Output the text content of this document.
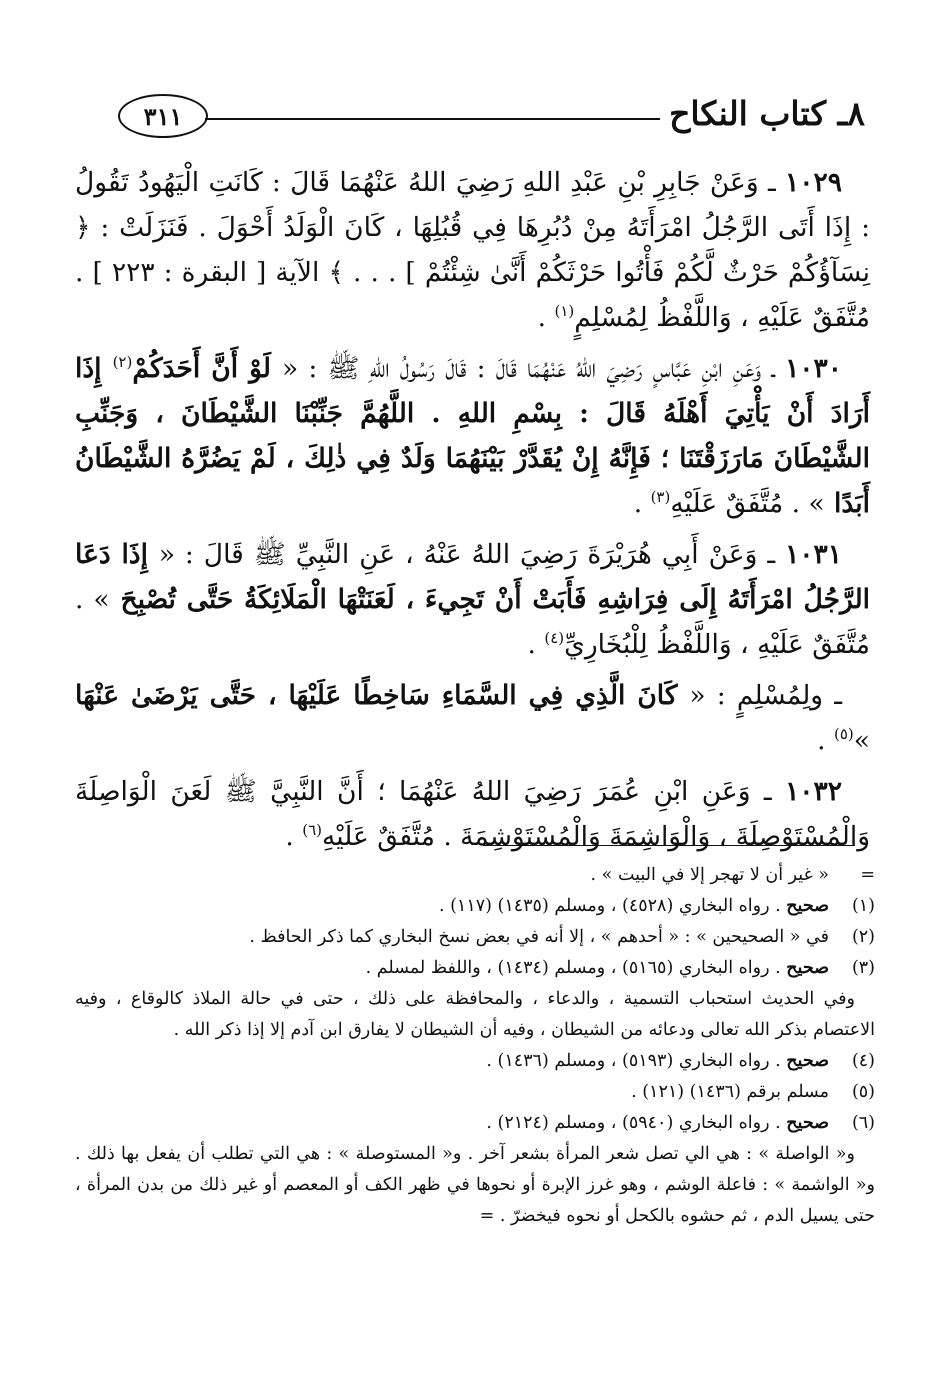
٨ـ كتاب النكاح
٣١١

١٠٢٩ ـ وَعَنْ جَابِرِ بْنِ عَبْدِ اللهِ رَضِيَ اللهُ عَنْهُمَا قَالَ : كَانَتِ الْيَهُودُ تَقُولُ : إِذَا أَتَى الرَّجُلُ امْرَأَتَهُ مِنْ دُبُرِهَا فِي قُبُلِهَا ، كَانَ الْوَلَدُ أَحْوَلَ . فَنَزَلَتْ : ﴿ نِسَآؤُكُمْ حَرْثٌ لَّكُمْ فَأْتُوا حَرْثَكُمْ أَنَّىٰ شِئْتُمْ ] . . . ﴾ الآية [ البقرة : ٢٢٣ ] . مُتَّفَقٌ عَلَيْهِ ، وَاللَّفْظُ لِمُسْلِمٍ$^{(١)}$ .

١٠٣٠ ـ وَعَنِ ابْنِ عَبَّاسٍ رَضِيَ اللهُ عَنْهُمَا قَالَ : قَالَ رَسُولُ اللهِ ﷺ : « لَوْ أَنَّ أَحَدَكُمْ$^{(٢)}$ إِذَا أَرَادَ أَنْ يَأْتِيَ أَهْلَهُ قَالَ : بِسْمِ اللهِ . اللَّهُمَّ جَنِّبْنَا الشَّيْطَانَ ، وَجَنِّبِ الشَّيْطَانَ مَارَزَقْتَنَا ؛ فَإِنَّهُ إِنْ يُقَدَّرْ بَيْنَهُمَا وَلَدٌ فِي ذٰلِكَ ، لَمْ يَضُرَّهُ الشَّيْطَانُ أَبَدًا » . مُتَّفَقٌ عَلَيْهِ$^{(٣)}$ .

١٠٣١ ـ وَعَنْ أَبِي هُرَيْرَةَ رَضِيَ اللهُ عَنْهُ ، عَنِ النَّبِيِّ ﷺ قَالَ : « إِذَا دَعَا الرَّجُلُ امْرَأَتَهُ إِلَى فِرَاشِهِ فَأَبَتْ أَنْ تَجِيءَ ، لَعَنَتْهَا الْمَلَائِكَةُ حَتَّى تُصْبِحَ » . مُتَّفَقٌ عَلَيْهِ ، وَاللَّفْظُ لِلْبُخَارِيِّ$^{(٤)}$ .

ـ ولِمُسْلِمٍ : « كَانَ الَّذِي فِي السَّمَاءِ سَاخِطًا عَلَيْهَا ، حَتَّى يَرْضَىٰ عَنْهَا »$^{(٥)}$ .

١٠٣٢ ـ وَعَنِ ابْنِ عُمَرَ رَضِيَ اللهُ عَنْهُمَا ؛ أَنَّ النَّبِيَّ ﷺ لَعَنَ الْوَاصِلَةَ وَالْمُسْتَوْصِلَةَ ، وَالْوَاشِمَةَ وَالْمُسْتَوْشِمَةَ . مُتَّفَقٌ عَلَيْهِ$^{(٦)}$ .

=
« غير أن لا تهجر إلا في البيت » .
(١)
صحيح . رواه البخاري (٤٥٢٨) ، ومسلم (١٤٣٥) (١١٧) .
(٢)
في « الصحيحين » : « أحدهم » ، إلا أنه في بعض نسخ البخاري كما ذكر الحافظ .
(٣)
صحيح . رواه البخاري (٥١٦٥) ، ومسلم (١٤٣٤) ، واللفظ لمسلم .
وفي الحديث استحباب التسمية ، والدعاء ، والمحافظة على ذلك ، حتى في حالة الملاذ كالوقاع ، وفيه الاعتصام بذكر الله تعالى ودعائه من الشيطان ، وفيه أن الشيطان لا يفارق ابن آدم إلا إذا ذكر الله .
(٤)
صحيح . رواه البخاري (٥١٩٣) ، ومسلم (١٤٣٦) .
(٥)
مسلم برقم (١٤٣٦) (١٢١) .
(٦)
صحيح . رواه البخاري (٥٩٤٠) ، ومسلم (٢١٢٤) .
و« الواصلة » : هي الي تصل شعر المرأة بشعر آخر . و« المستوصلة » : هي التي تطلب أن يفعل بها ذلك . و« الواشمة » : فاعلة الوشم ، وهو غرز الإبرة أو نحوها في ظهر الكف أو المعصم أو غير ذلك من بدن المرأة ، حتى يسيل الدم ، ثم حشوه بالكحل أو نحوه فيخضرّ . =
